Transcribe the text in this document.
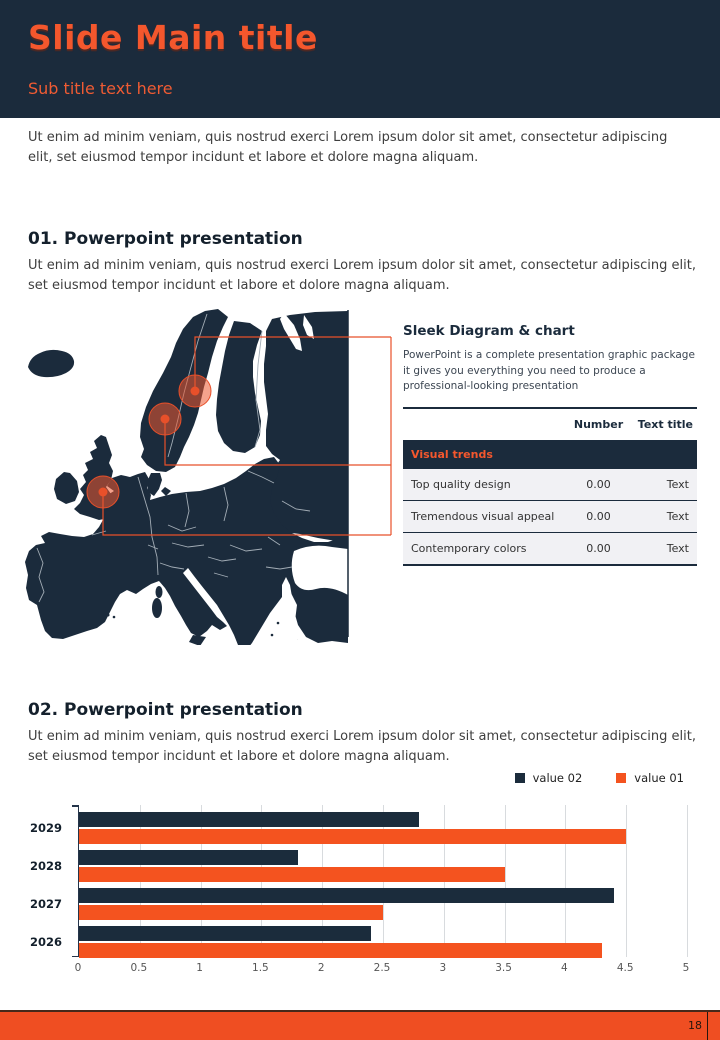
Slide Main title
Sub title text here
Ut enim ad minim veniam, quis nostrud exerci Lorem ipsum dolor sit amet, consectetur adipiscing elit, set eiusmod tempor incidunt et labore et dolore magna aliquam.
01. Powerpoint presentation
Ut enim ad minim veniam, quis nostrud exerci Lorem ipsum dolor sit amet, consectetur adipiscing elit, set eiusmod tempor incidunt et labore et dolore magna aliquam.
Sleek Diagram & chart

PowerPoint is a complete presentation graphic package it gives you everything you need to produce a professional-looking presentation

	Number	Text title
Visual trends		
Top quality design	0.00	Text
Tremendous visual appeal	0.00	Text
Contemporary colors	0.00	Text
02. Powerpoint presentation
Ut enim ad minim veniam, quis nostrud exerci Lorem ipsum dolor sit amet, consectetur adipiscing elit, set eiusmod tempor incidunt et labore et dolore magna aliquam.
value 02	value 01
2029
2028
2027
2026
0	0.5	1	1.5	2	2.5	3	3.5	4	4.5	5
18
